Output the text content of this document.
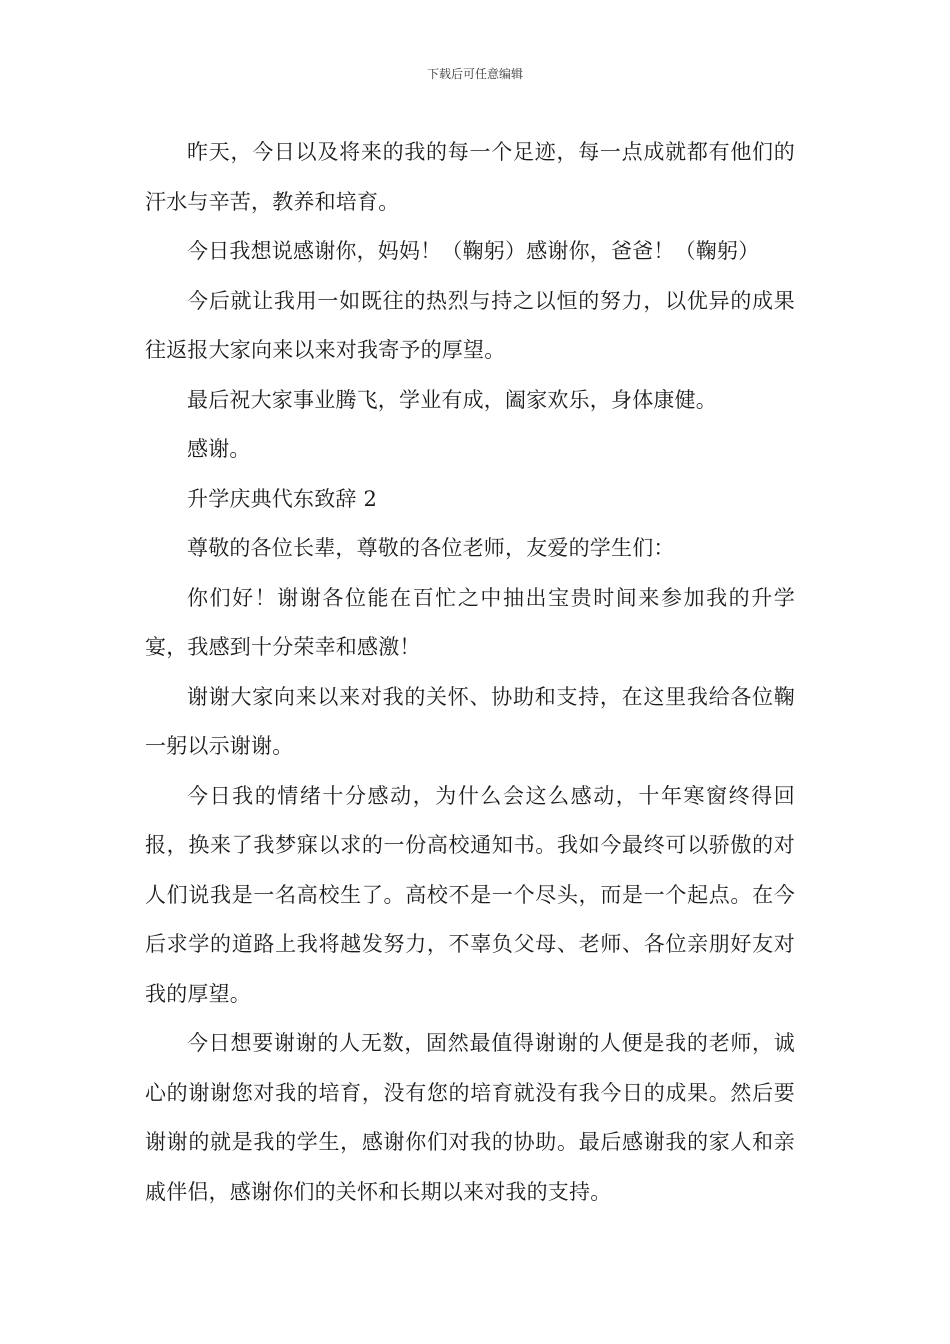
下载后可任意编辑

昨天，今日以及将来的我的每一个足迹，每一点成就都有他们的汗水与辛苦，教养和培育。

今日我想说感谢你，妈妈！（鞠躬）感谢你，爸爸！（鞠躬）

今后就让我用一如既往的热烈与持之以恒的努力，以优异的成果往返报大家向来以来对我寄予的厚望。

最后祝大家事业腾飞，学业有成，阖家欢乐，身体康健。

感谢。

升学庆典代东致辞 2

尊敬的各位长辈，尊敬的各位老师，友爱的学生们：

你们好！谢谢各位能在百忙之中抽出宝贵时间来参加我的升学宴，我感到十分荣幸和感激！

谢谢大家向来以来对我的关怀、协助和支持，在这里我给各位鞠一躬以示谢谢。

今日我的情绪十分感动，为什么会这么感动，十年寒窗终得回报，换来了我梦寐以求的一份高校通知书。我如今最终可以骄傲的对人们说我是一名高校生了。高校不是一个尽头，而是一个起点。在今后求学的道路上我将越发努力，不辜负父母、老师、各位亲朋好友对我的厚望。

今日想要谢谢的人无数，固然最值得谢谢的人便是我的老师，诚心的谢谢您对我的培育，没有您的培育就没有我今日的成果。然后要谢谢的就是我的学生，感谢你们对我的协助。最后感谢我的家人和亲戚伴侣，感谢你们的关怀和长期以来对我的支持。
